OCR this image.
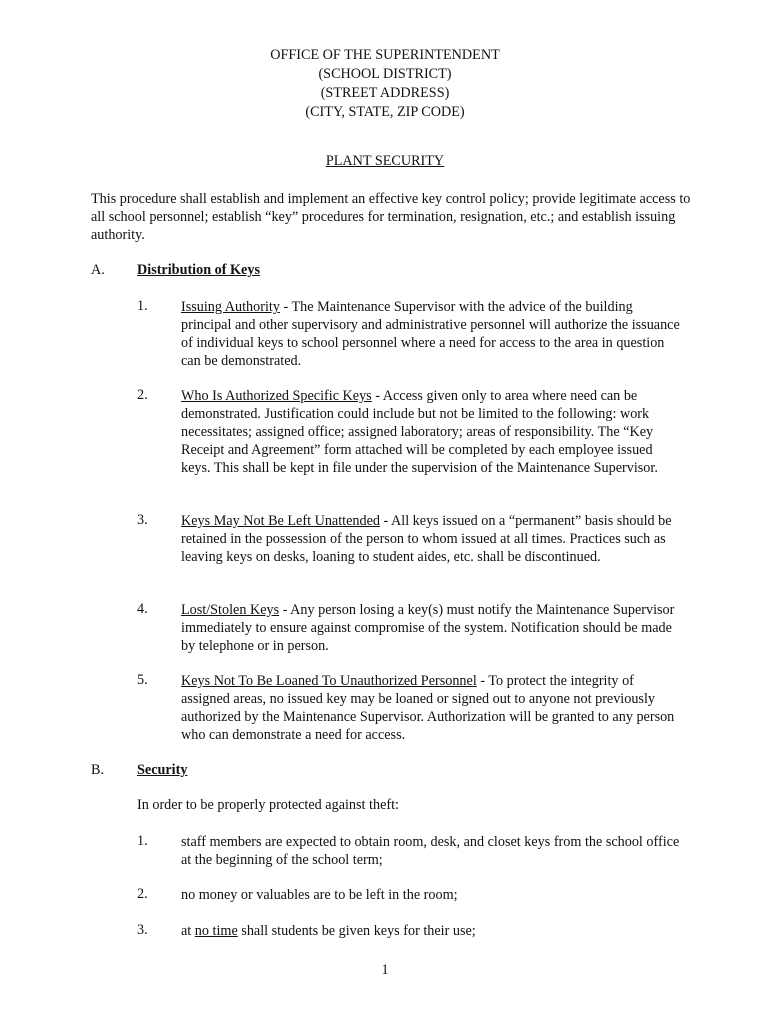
OFFICE OF THE SUPERINTENDENT
(SCHOOL DISTRICT)
(STREET ADDRESS)
(CITY, STATE, ZIP CODE)
PLANT SECURITY
This procedure shall establish and implement an effective key control policy; provide legitimate access to all school personnel; establish “key” procedures for termination, resignation, etc.; and establish issuing authority.
A. Distribution of Keys
1. Issuing Authority - The Maintenance Supervisor with the advice of the building principal and other supervisory and administrative personnel will authorize the issuance of individual keys to school personnel where a need for access to the area in question can be demonstrated.
2. Who Is Authorized Specific Keys - Access given only to area where need can be demonstrated. Justification could include but not be limited to the following: work necessitates; assigned office; assigned laboratory; areas of responsibility. The “Key Receipt and Agreement” form attached will be completed by each employee issued keys. This shall be kept in file under the supervision of the Maintenance Supervisor.
3. Keys May Not Be Left Unattended - All keys issued on a “permanent” basis should be retained in the possession of the person to whom issued at all times. Practices such as leaving keys on desks, loaning to student aides, etc. shall be discontinued.
4. Lost/Stolen Keys - Any person losing a key(s) must notify the Maintenance Supervisor immediately to ensure against compromise of the system. Notification should be made by telephone or in person.
5. Keys Not To Be Loaned To Unauthorized Personnel - To protect the integrity of assigned areas, no issued key may be loaned or signed out to anyone not previously authorized by the Maintenance Supervisor. Authorization will be granted to any person who can demonstrate a need for access.
B. Security
In order to be properly protected against theft:
1. staff members are expected to obtain room, desk, and closet keys from the school office at the beginning of the school term;
2. no money or valuables are to be left in the room;
3. at no time shall students be given keys for their use;
1
